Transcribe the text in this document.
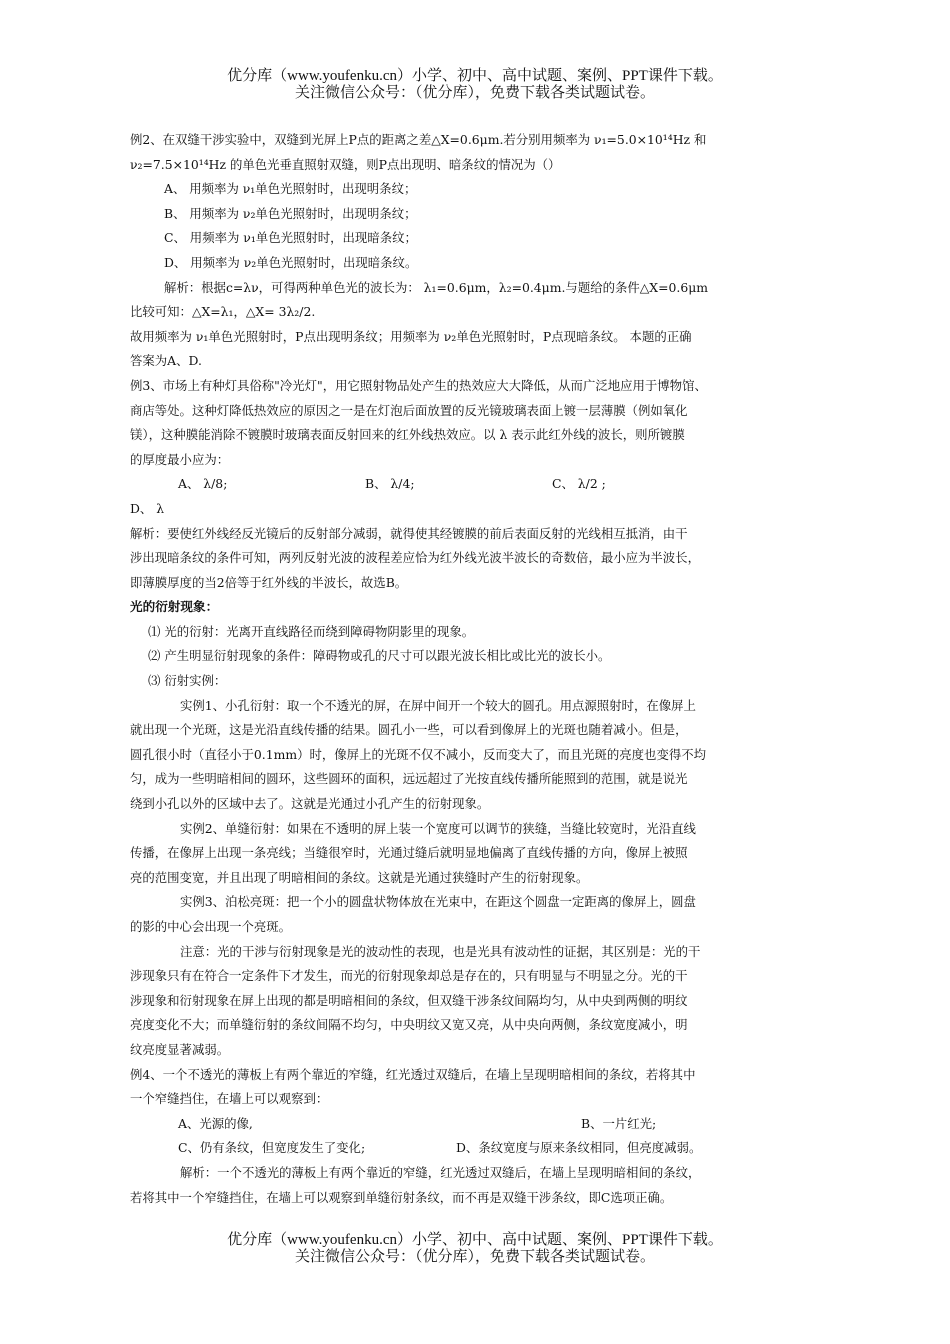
优分库（www.youfenku.cn）小学、初中、高中试题、案例、PPT课件下载。
关注微信公众号：（优分库），免费下载各类试题试卷。

例2、在双缝干涉实验中，双缝到光屏上P点的距离之差△X=0.6μm.若分别用频率为 ν₁=5.0×10¹⁴Hz 和

ν₂=7.5×10¹⁴Hz 的单色光垂直照射双缝，则P点出现明、暗条纹的情况为（）

A、 用频率为 ν₁单色光照射时，出现明条纹；

B、 用频率为 ν₂单色光照射时，出现明条纹；

C、 用频率为 ν₁单色光照射时，出现暗条纹；

D、 用频率为 ν₂单色光照射时，出现暗条纹。

解析：根据c=λν，可得两种单色光的波长为： λ₁=0.6μm，λ₂=0.4μm.与题给的条件△X=0.6μm

比较可知：△X=λ₁，△X= 3λ₂/2.

故用频率为 ν₁单色光照射时，P点出现明条纹；用频率为 ν₂单色光照射时，P点现暗条纹。 本题的正确

答案为A、D.

例3、市场上有种灯具俗称"冷光灯"，用它照射物品处产生的热效应大大降低，从而广泛地应用于博物馆、

商店等处。这种灯降低热效应的原因之一是在灯泡后面放置的反光镜玻璃表面上镀一层薄膜（例如氧化

镁），这种膜能消除不镀膜时玻璃表面反射回来的红外线热效应。以 λ 表示此红外线的波长，则所镀膜

的厚度最小应为：

A、 λ/8;	B、 λ/4;	C、 λ/2 ;

D、 λ

解析：要使红外线经反光镜后的反射部分减弱，就得使其经镀膜的前后表面反射的光线相互抵消，由干

涉出现暗条纹的条件可知，两列反射光波的波程差应恰为红外线光波半波长的奇数倍，最小应为半波长，

即薄膜厚度的当2倍等于红外线的半波长，故选B。

光的衍射现象：

⑴ 光的衍射：光离开直线路径而绕到障碍物阴影里的现象。

⑵ 产生明显衍射现象的条件：障碍物或孔的尺寸可以跟光波长相比或比光的波长小。

⑶ 衍射实例：

实例1、小孔衍射：取一个不透光的屏，在屏中间开一个较大的圆孔。用点源照射时，在像屏上

就出现一个光斑，这是光沿直线传播的结果。圆孔小一些，可以看到像屏上的光斑也随着减小。但是，

圆孔很小时（直径小于0.1mm）时，像屏上的光斑不仅不减小，反而变大了，而且光斑的亮度也变得不均

匀，成为一些明暗相间的圆环，这些圆环的面积，远远超过了光按直线传播所能照到的范围，就是说光

绕到小孔以外的区域中去了。这就是光通过小孔产生的衍射现象。

实例2、单缝衍射：如果在不透明的屏上装一个宽度可以调节的狭缝，当缝比较宽时，光沿直线

传播，在像屏上出现一条亮线；当缝很窄时，光通过缝后就明显地偏离了直线传播的方向，像屏上被照

亮的范围变宽，并且出现了明暗相间的条纹。这就是光通过狭缝时产生的衍射现象。

实例3、泊松亮斑：把一个小的圆盘状物体放在光束中，在距这个圆盘一定距离的像屏上，圆盘

的影的中心会出现一个亮斑。

注意：光的干涉与衍射现象是光的波动性的表现，也是光具有波动性的证据，其区别是：光的干

涉现象只有在符合一定条件下才发生，而光的衍射现象却总是存在的，只有明显与不明显之分。光的干

涉现象和衍射现象在屏上出现的都是明暗相间的条纹，但双缝干涉条纹间隔均匀，从中央到两侧的明纹

亮度变化不大；而单缝衍射的条纹间隔不均匀，中央明纹又宽又亮，从中央向两侧，条纹宽度减小，明

纹亮度显著减弱。

例4、一个不透光的薄板上有两个靠近的窄缝，红光透过双缝后，在墙上呈现明暗相间的条纹，若将其中

一个窄缝挡住，在墙上可以观察到：

A、光源的像,	B、一片红光;

C、仍有条纹，但宽度发生了变化;	D、条纹宽度与原来条纹相同，但亮度减弱。

解析：一个不透光的薄板上有两个靠近的窄缝，红光透过双缝后，在墙上呈现明暗相间的条纹，

若将其中一个窄缝挡住，在墙上可以观察到单缝衍射条纹，而不再是双缝干涉条纹，即C选项正确。

优分库（www.youfenku.cn）小学、初中、高中试题、案例、PPT课件下载。
关注微信公众号：（优分库），免费下载各类试题试卷。
